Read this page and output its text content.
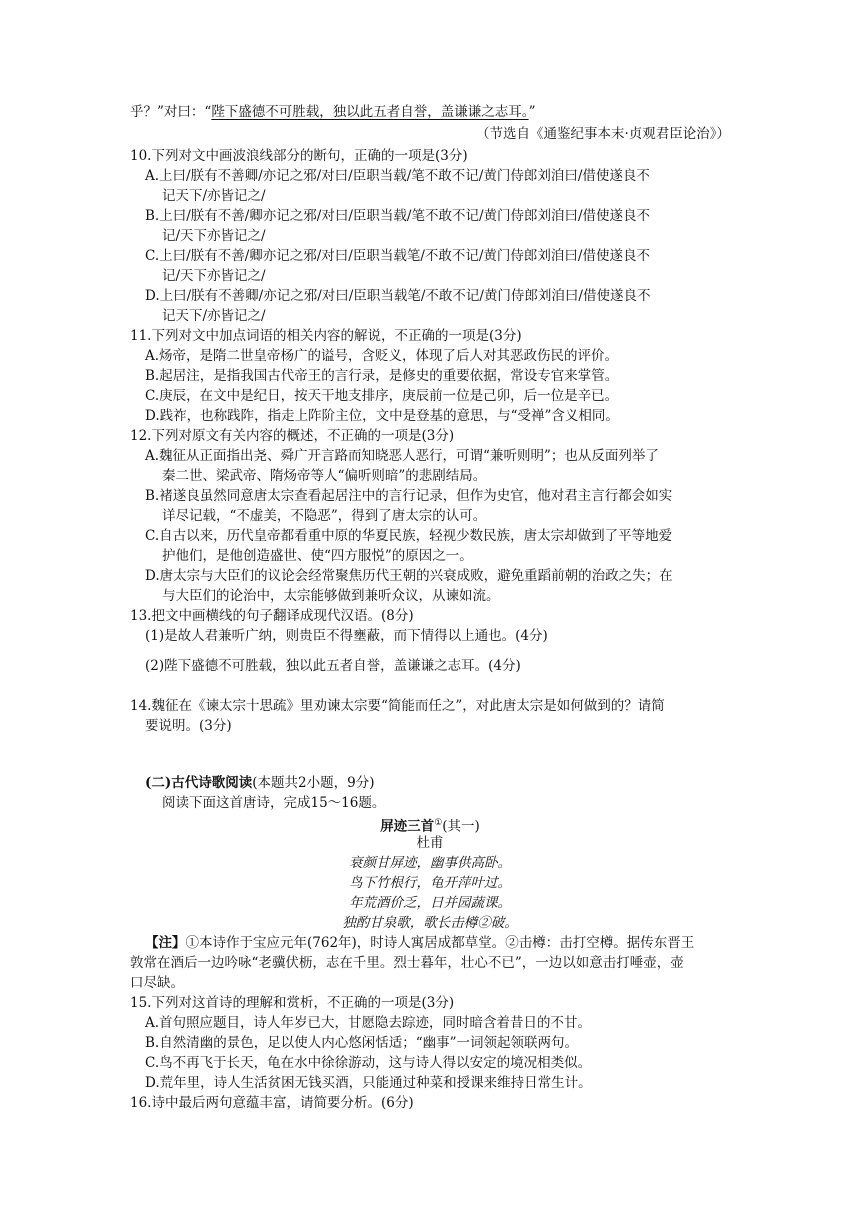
乎？”对曰：“陛下盛德不可胜载，独以此五者自誉，盖谦谦之志耳。”
（节选自《通鉴纪事本末·贞观君臣论治》）
10.下列对文中画波浪线部分的断句，正确的一项是(3分)
A.上曰/朕有不善卿/亦记之邪/对曰/臣职当载/笔不敢不记/黄门侍郎刘洎曰/借使遂良不
记天下/亦皆记之/
B.上曰/朕有不善/卿亦记之邪/对曰/臣职当载/笔不敢不记/黄门侍郎刘洎曰/借使遂良不
记/天下亦皆记之/
C.上曰/朕有不善/卿亦记之邪/对曰/臣职当载笔/不敢不记/黄门侍郎刘洎曰/借使遂良不
记/天下亦皆记之/
D.上曰/朕有不善卿/亦记之邪/对曰/臣职当载笔/不敢不记/黄门侍郎刘洎曰/借使遂良不
记天下/亦皆记之/
11.下列对文中加点词语的相关内容的解说，不正确的一项是(3分)
A.炀帝，是隋二世皇帝杨广的谥号，含贬义，体现了后人对其恶政伤民的评价。
B.起居注，是指我国古代帝王的言行录，是修史的重要依据，常设专官来掌管。
C.庚辰，在文中是纪日，按天干地支排序，庚辰前一位是己卯，后一位是辛已。
D.践祚，也称践阼，指走上阼阶主位，文中是登基的意思，与“受禅”含义相同。
12.下列对原文有关内容的概述，不正确的一项是(3分)
A.魏征从正面指出尧、舜广开言路而知晓恶人恶行，可谓“兼听则明”；也从反面列举了
秦二世、梁武帝、隋炀帝等人“偏听则暗”的悲剧结局。
B.褚遂良虽然同意唐太宗查看起居注中的言行记录，但作为史官，他对君主言行都会如实
详尽记载，“不虚美，不隐恶”，得到了唐太宗的认可。
C.自古以来，历代皇帝都看重中原的华夏民族，轻视少数民族，唐太宗却做到了平等地爱
护他们，是他创造盛世、使“四方服悦”的原因之一。
D.唐太宗与大臣们的议论会经常聚焦历代王朝的兴衰成败，避免重蹈前朝的治政之失；在
与大臣们的论治中，太宗能够做到兼听众议，从谏如流。
13.把文中画横线的句子翻译成现代汉语。(8分)
(1)是故人君兼听广纳，则贵臣不得壅蔽，而下情得以上通也。(4分)
(2)陛下盛德不可胜载，独以此五者自誉，盖谦谦之志耳。(4分)
14.魏征在《谏太宗十思疏》里劝谏太宗要“简能而任之”，对此唐太宗是如何做到的？请简
要说明。(3分)
(二)古代诗歌阅读(本题共2小题，9分)
阅读下面这首唐诗，完成15～16题。
屏迹三首①(其一)
杜甫
衰颜甘屏迹，幽事供高卧。
鸟下竹根行，龟开萍叶过。
年荒酒价乏，日并园蔬课。
独酌甘泉歌，歌长击樽②破。
【注】①本诗作于宝应元年(762年)，时诗人寓居成都草堂。②击樽：击打空樽。据传东晋王
敦常在酒后一边吟咏“老骥伏枥，志在千里。烈士暮年，壮心不已”，一边以如意击打唾壶，壶
口尽缺。
15.下列对这首诗的理解和赏析，不正确的一项是(3分)
A.首句照应题目，诗人年岁已大，甘愿隐去踪迹，同时暗含着昔日的不甘。
B.自然清幽的景色，足以使人内心悠闲恬适；“幽事”一词领起领联两句。
C.鸟不再飞于长天，龟在水中徐徐游动，这与诗人得以安定的境况相类似。
D.荒年里，诗人生活贫困无钱买酒，只能通过种菜和授课来维持日常生计。
16.诗中最后两句意蕴丰富，请简要分析。(6分)
